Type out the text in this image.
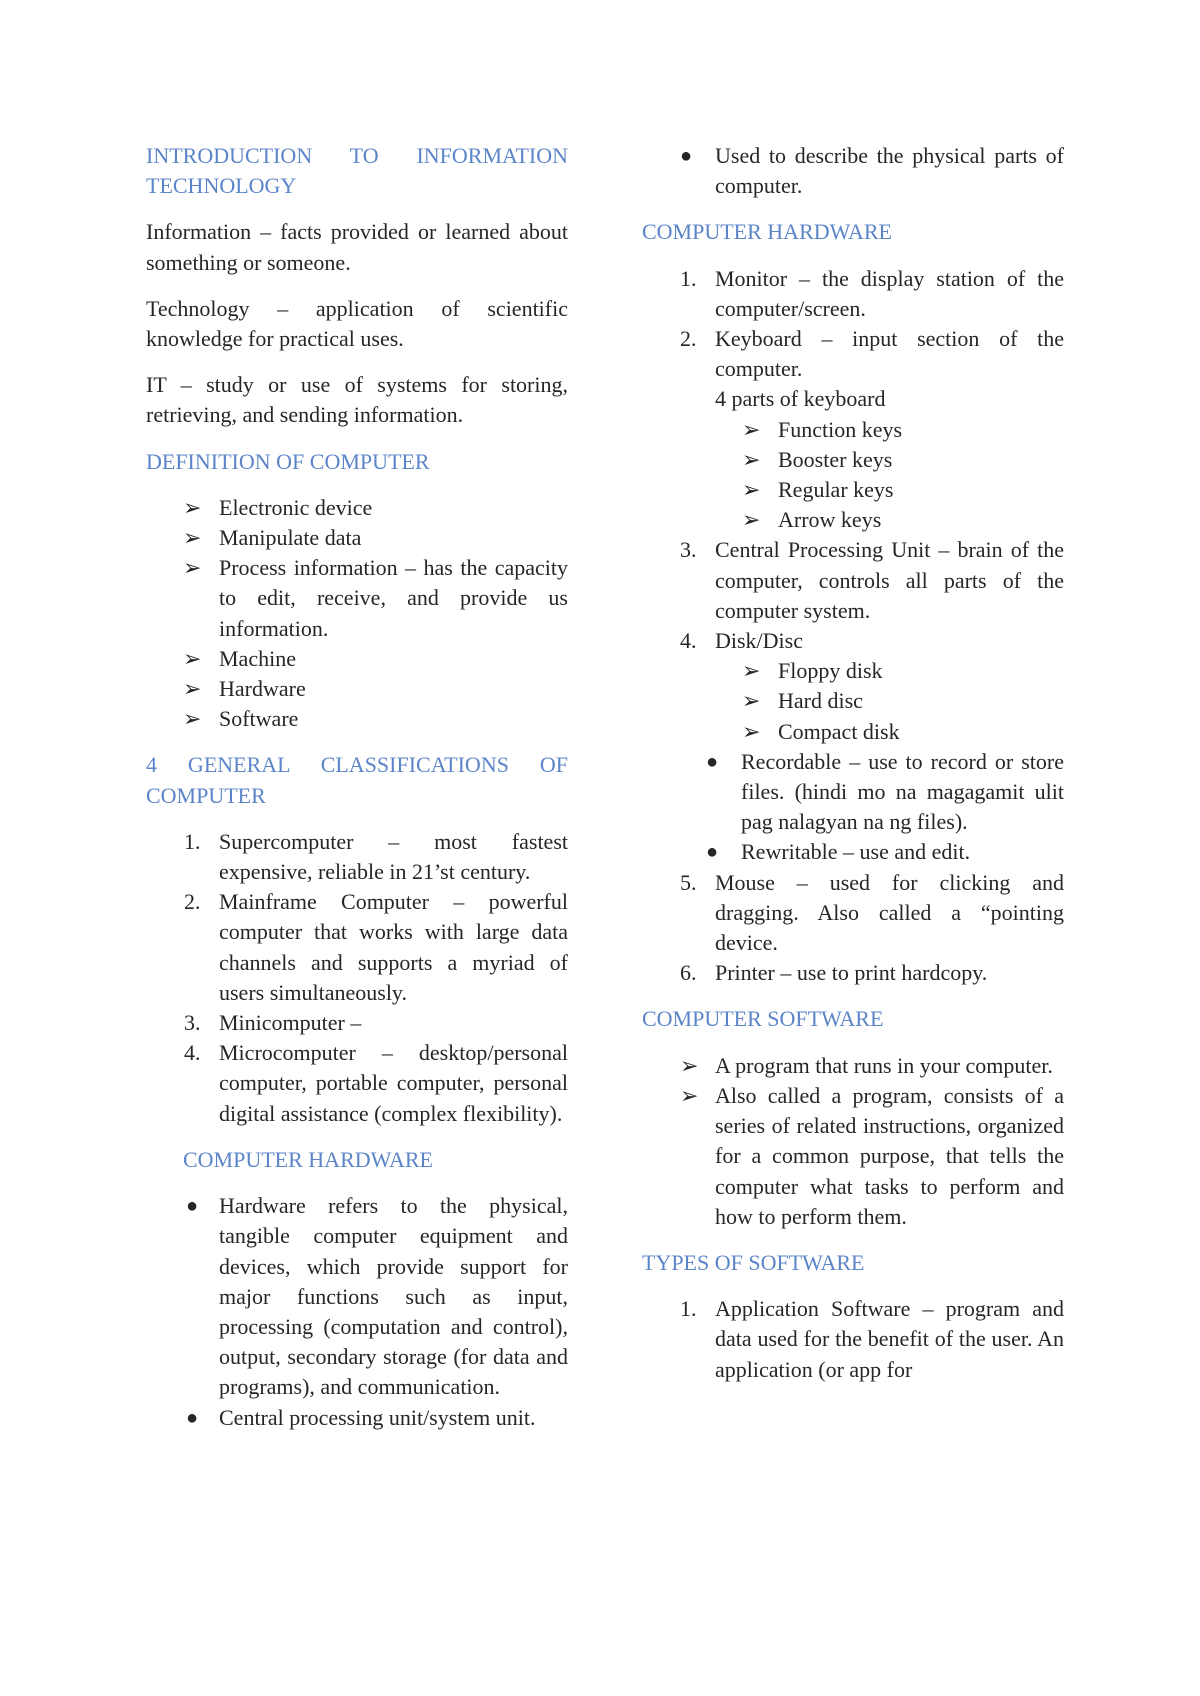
INTRODUCTION TO INFORMATION TECHNOLOGY

Information – facts provided or learned about something or someone.

Technology – application of scientific knowledge for practical uses.

IT – study or use of systems for storing, retrieving, and sending information.

DEFINITION OF COMPUTER
➢ Electronic device
➢ Manipulate data
➢ Process information – has the capacity to edit, receive, and provide us information.
➢ Machine
➢ Hardware
➢ Software
4 GENERAL CLASSIFICATIONS OF COMPUTER
1. Supercomputer – most fastest expensive, reliable in 21’st century.
2. Mainframe Computer – powerful computer that works with large data channels and supports a myriad of users simultaneously.
3. Minicomputer –
4. Microcomputer – desktop/personal computer, portable computer, personal digital assistance (complex flexibility).
COMPUTER HARDWARE
● Hardware refers to the physical, tangible computer equipment and devices, which provide support for major functions such as input, processing (computation and control), output, secondary storage (for data and programs), and communication.
● Central processing unit/system unit.
● Used to describe the physical parts of computer.
COMPUTER HARDWARE
1. Monitor – the display station of the computer/screen.
2. Keyboard – input section of the computer.
4 parts of keyboard
➢ Function keys
➢ Booster keys
➢ Regular keys
➢ Arrow keys
3. Central Processing Unit – brain of the computer, controls all parts of the computer system.
4. Disk/Disc
➢ Floppy disk
➢ Hard disc
➢ Compact disk
● Recordable – use to record or store files. (hindi mo na magagamit ulit pag nalagyan na ng files).
● Rewritable – use and edit.
5. Mouse – used for clicking and dragging. Also called a “pointing device.
6. Printer – use to print hardcopy.
COMPUTER SOFTWARE
➢ A program that runs in your computer.
➢ Also called a program, consists of a series of related instructions, organized for a common purpose, that tells the computer what tasks to perform and how to perform them.
TYPES OF SOFTWARE
1. Application Software – program and data used for the benefit of the user. An application (or app for
